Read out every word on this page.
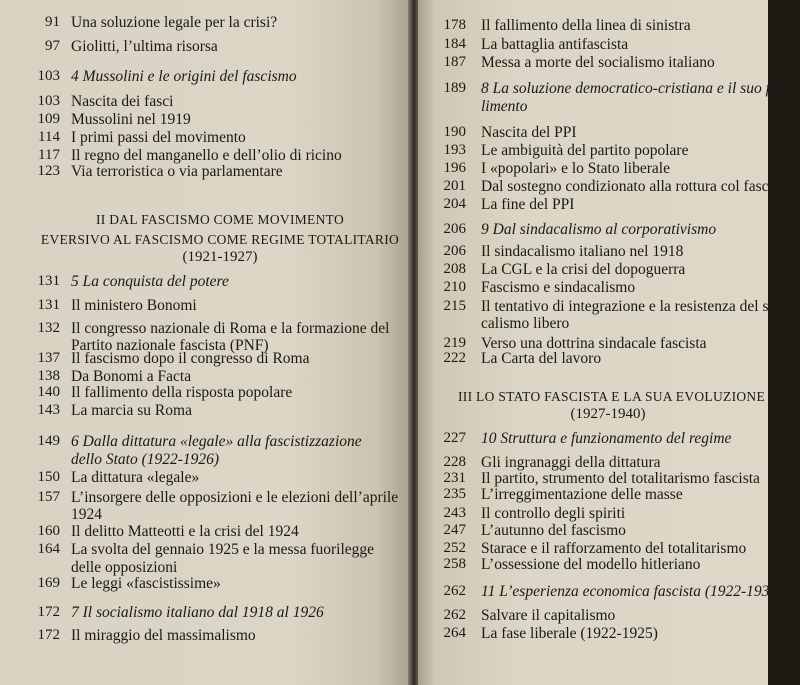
91 Una soluzione legale per la crisi?
97 Giolitti, l’ultima risorsa
103 4 Mussolini e le origini del fascismo
103 Nascita dei fasci
109 Mussolini nel 1919
114 I primi passi del movimento
117 Il regno del manganello e dell’olio di ricino
123 Via terroristica o via parlamentare
131 5 La conquista del potere
131 Il ministero Bonomi
132 Il congresso nazionale di Roma e la formazione del
Partito nazionale fascista (PNF)
137 Il fascismo dopo il congresso di Roma
138 Da Bonomi a Facta
140 Il fallimento della risposta popolare
143 La marcia su Roma
149 6 Dalla dittatura «legale» alla fascistizzazione
dello Stato (1922-1926)
150 La dittatura «legale»
157 L’insorgere delle opposizioni e le elezioni dell’aprile
1924
160 Il delitto Matteotti e la crisi del 1924
164 La svolta del gennaio 1925 e la messa fuorilegge
delle opposizioni
169 Le leggi «fascistissime»
172 7 Il socialismo italiano dal 1918 al 1926
172 Il miraggio del massimalismo
II DAL FASCISMO COME MOVIMENTO
EVERSIVO AL FASCISMO COME REGIME TOTALITARIO
(1921-1927)
178 Il fallimento della linea di sinistra
184 La battaglia antifascista
187 Messa a morte del socialismo italiano
189 8 La soluzione democratico-cristiana e il suo fal-
limento
190 Nascita del PPI
193 Le ambiguità del partito popolare
196 I «popolari» e lo Stato liberale
201 Dal sostegno condizionato alla rottura col fascismo
204 La fine del PPI
206 9 Dal sindacalismo al corporativismo
206 Il sindacalismo italiano nel 1918
208 La CGL e la crisi del dopoguerra
210 Fascismo e sindacalismo
215 Il tentativo di integrazione e la resistenza del sinda-
calismo libero
219 Verso una dottrina sindacale fascista
222 La Carta del lavoro
227 10 Struttura e funzionamento del regime
228 Gli ingranaggi della dittatura
231 Il partito, strumento del totalitarismo fascista
235 L’irreggimentazione delle masse
243 Il controllo degli spiriti
247 L’autunno del fascismo
252 Starace e il rafforzamento del totalitarismo
258 L’ossessione del modello hitleriano
262 11 L’esperienza economica fascista (1922-1930)
262 Salvare il capitalismo
264 La fase liberale (1922-1925)
III LO STATO FASCISTA E LA SUA EVOLUZIONE
(1927-1940)
